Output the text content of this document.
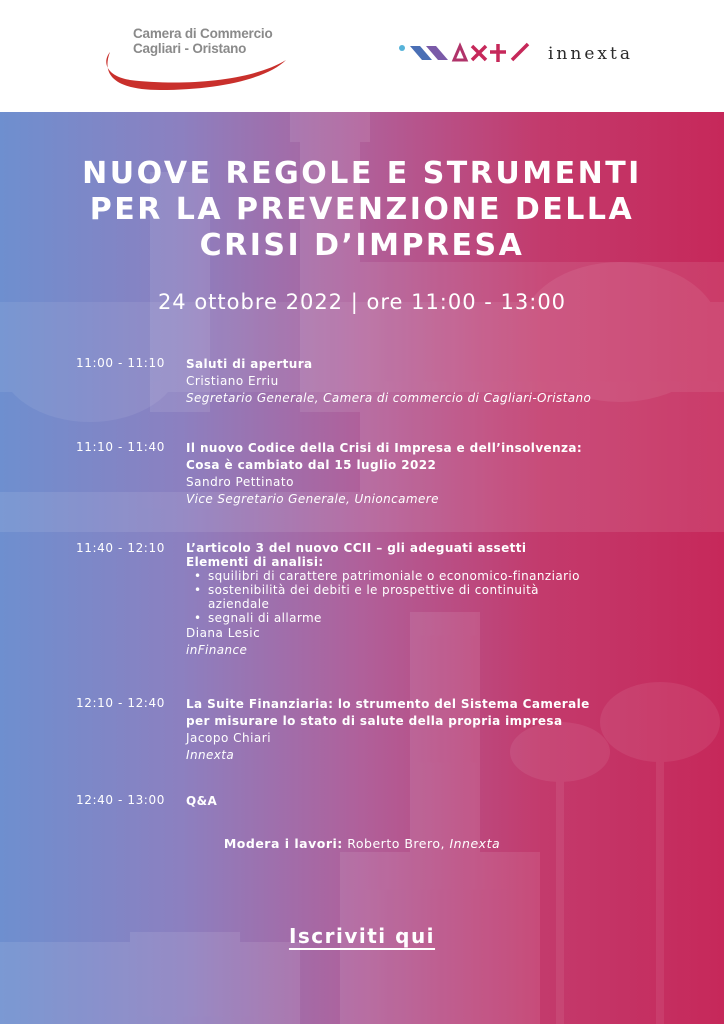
Camera di Commercio
Cagliari - Oristano	innexta
NUOVE REGOLE E STRUMENTI
PER LA PREVENZIONE DELLA
CRISI D’IMPRESA
24 ottobre 2022 | ore 11:00 - 13:00
11:00 - 11:10 Saluti di apertura
Cristiano Erriu
Segretario Generale, Camera di commercio di Cagliari-Oristano
11:10 - 11:40 Il nuovo Codice della Crisi di Impresa e dell’insolvenza:
Cosa è cambiato dal 15 luglio 2022
Sandro Pettinato
Vice Segretario Generale, Unioncamere
11:40 - 12:10 L’articolo 3 del nuovo CCII – gli adeguati assetti
Elementi di analisi:
• squilibri di carattere patrimoniale o economico-finanziario
• sostenibilità dei debiti e le prospettive di continuità
aziendale
• segnali di allarme
Diana Lesic
inFinance
12:10 - 12:40 La Suite Finanziaria: lo strumento del Sistema Camerale
per misurare lo stato di salute della propria impresa
Jacopo Chiari
Innexta
12:40 - 13:00 Q&A
Modera i lavori: Roberto Brero, Innexta
Iscriviti qui
